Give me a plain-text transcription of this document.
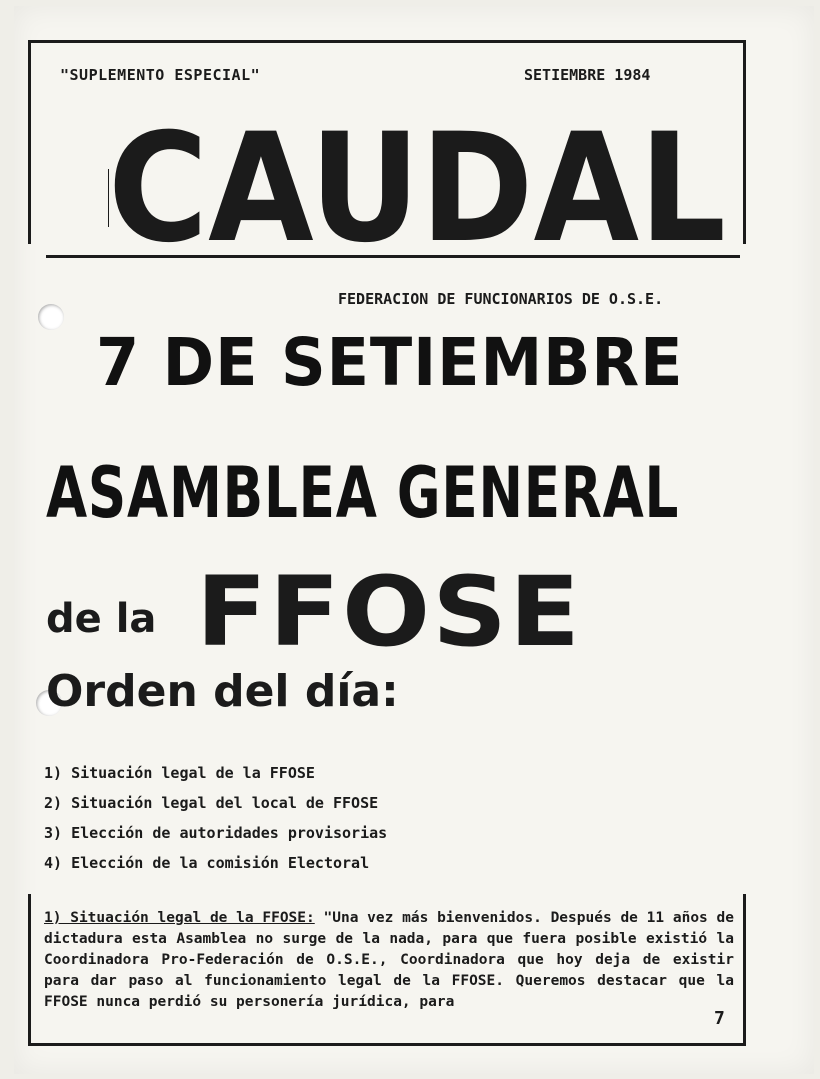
"SUPLEMENTO ESPECIAL"	SETIEMBRE 1984
CAUDAL
FEDERACION DE FUNCIONARIOS DE O.S.E.
7 DE SETIEMBRE
ASAMBLEA GENERAL
de la FFOSE
Orden del día:
1) Situación legal de la FFOSE
2) Situación legal del local de FFOSE
3) Elección de autoridades provisorias
4) Elección de la comisión Electoral
1) Situación legal de la FFOSE: "Una vez más bienvenidos. Después de 11 años de dictadura esta Asamblea no surge de la nada, para que fuera posible existió la Coordinadora Pro-Federación de O.S.E., Coordinadora que hoy deja de existir para dar paso al funcionamiento legal de la FFOSE. Queremos destacar que la FFOSE nunca perdió su personería jurídica, para
7
